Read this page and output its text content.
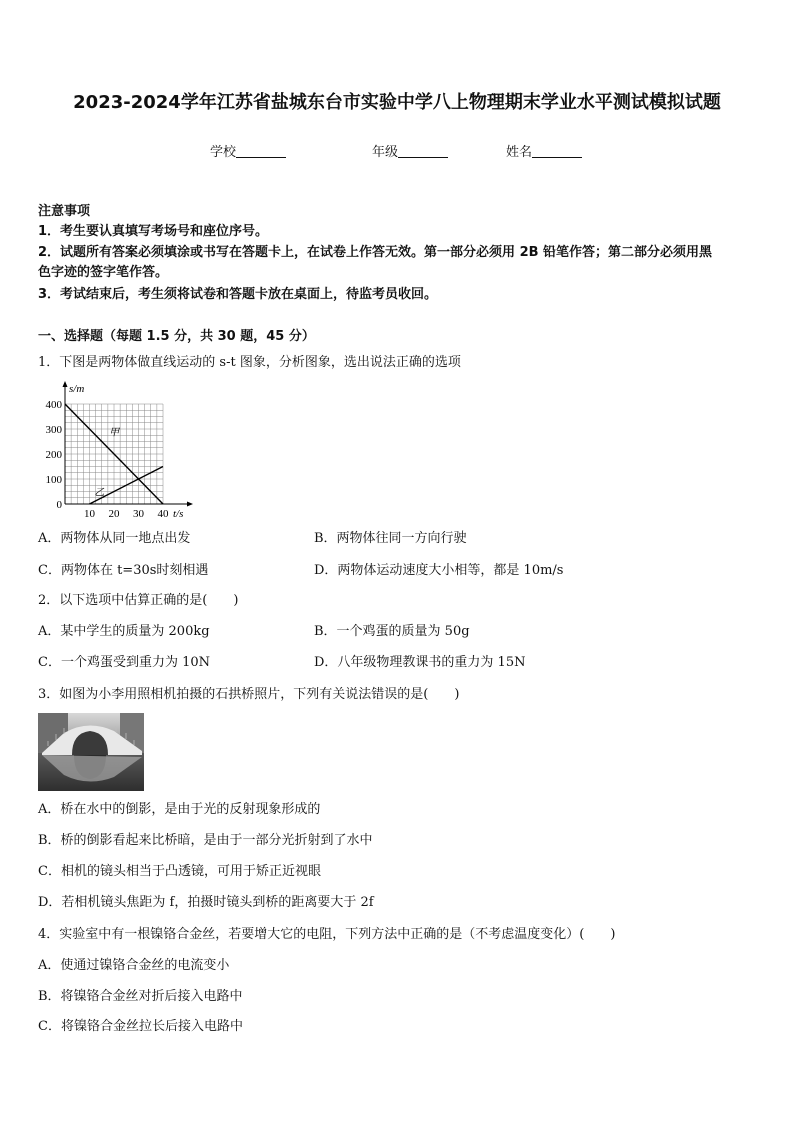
2023-2024学年江苏省盐城东台市实验中学八上物理期末学业水平测试模拟试题
学校	年级	姓名
注意事项
1．考生要认真填写考场号和座位序号。
2．试题所有答案必须填涂或书写在答题卡上，在试卷上作答无效。第一部分必须用 2B 铅笔作答；第二部分必须用黑
色字迹的签字笔作答。
3．考试结束后，考生须将试卷和答题卡放在桌面上，待监考员收回。
一、选择题（每题 1.5 分，共 30 题，45 分）
1．下图是两物体做直线运动的 s-t 图象，分析图象，选出说法正确的选项
100
200
300
400
10 20 30 40
0
s/m
t/s
甲
乙
A．两物体从同一地点出发	B．两物体往同一方向行驶
C．两物体在 t=30s时刻相遇	D．两物体运动速度大小相等，都是 10m/s
2．以下选项中估算正确的是(　　)
A．某中学生的质量为 200kg	B．一个鸡蛋的质量为 50g
C．一个鸡蛋受到重力为 10N	D．八年级物理教课书的重力为 15N
3．如图为小李用照相机拍摄的石拱桥照片，下列有关说法错误的是(　　)
A．桥在水中的倒影，是由于光的反射现象形成的
B．桥的倒影看起来比桥暗，是由于一部分光折射到了水中
C．相机的镜头相当于凸透镜，可用于矫正近视眼
D．若相机镜头焦距为 f，拍摄时镜头到桥的距离要大于 2f
4．实验室中有一根镍铬合金丝，若要增大它的电阻，下列方法中正确的是（不考虑温度变化）(　　)
A．使通过镍铬合金丝的电流变小
B．将镍铬合金丝对折后接入电路中
C．将镍铬合金丝拉长后接入电路中
